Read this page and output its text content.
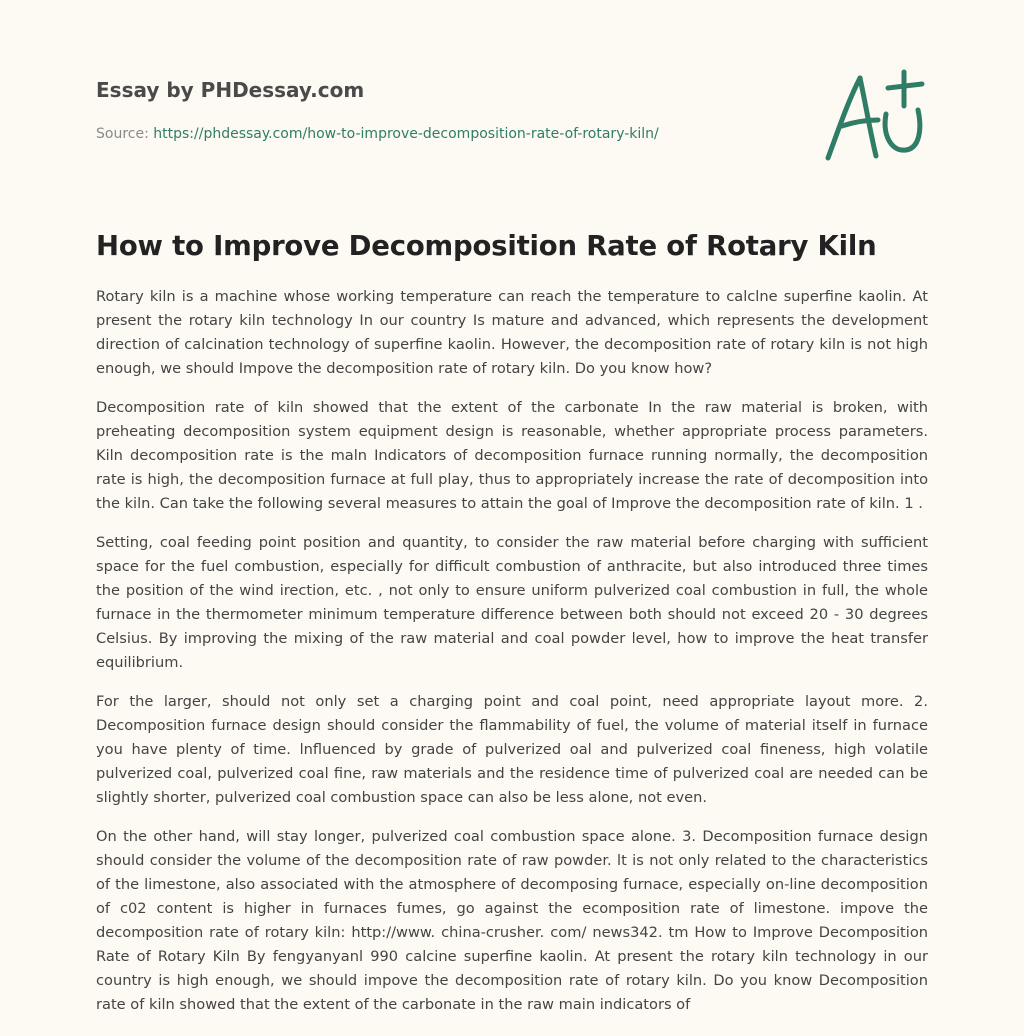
Essay by PHDessay.com
Source: https://phdessay.com/how-to-improve-decomposition-rate-of-rotary-kiln/
How to Improve Decomposition Rate of Rotary Kiln

Rotary kiln is a machine whose working temperature can reach the temperature to calclne superfine kaolin. At present the rotary kiln technology In our country Is mature and advanced, which represents the development direction of calcination technology of superfine kaolin. However, the decomposition rate of rotary kiln is not high enough, we should Impove the decomposition rate of rotary kiln. Do you know how?

Decomposition rate of kiln showed that the extent of the carbonate In the raw material is broken, with preheating decomposition system equipment design is reasonable, whether appropriate process parameters. Kiln decomposition rate is the maln Indicators of decomposition furnace running normally, the decomposition rate is high, the decomposition furnace at full play, thus to appropriately increase the rate of decomposition into the kiln. Can take the following several measures to attain the goal of Improve the decomposition rate of kiln. 1 .

Setting, coal feeding point position and quantity, to consider the raw material before charging with sufficient space for the fuel combustion, especially for difficult combustion of anthracite, but also introduced three times the position of the wind irection, etc. , not only to ensure uniform pulverized coal combustion in full, the whole furnace in the thermometer minimum temperature difference between both should not exceed 20 - 30 degrees Celsius. By improving the mixing of the raw material and coal powder level, how to improve the heat transfer equilibrium.

For the larger, should not only set a charging point and coal point, need appropriate layout more. 2. Decomposition furnace design should consider the flammability of fuel, the volume of material itself in furnace you have plenty of time. lnfluenced by grade of pulverized oal and pulverized coal fineness, high volatile pulverized coal, pulverized coal fine, raw materials and the residence time of pulverized coal are needed can be slightly shorter, pulverized coal combustion space can also be less alone, not even.

On the other hand, will stay longer, pulverized coal combustion space alone. 3. Decomposition furnace design should consider the volume of the decomposition rate of raw powder. lt is not only related to the characteristics of the limestone, also associated with the atmosphere of decomposing furnace, especially on-line decomposition of c02 content is higher in furnaces fumes, go against the ecomposition rate of limestone. impove the decomposition rate of rotary kiln: http://www. china-crusher. com/ news342. tm How to Improve Decomposition Rate of Rotary Kiln By fengyanyanl 990 calcine superfine kaolin. At present the rotary kiln technology in our country is high enough, we should impove the decomposition rate of rotary kiln. Do you know Decomposition rate of kiln showed that the extent of the carbonate in the raw main indicators of
